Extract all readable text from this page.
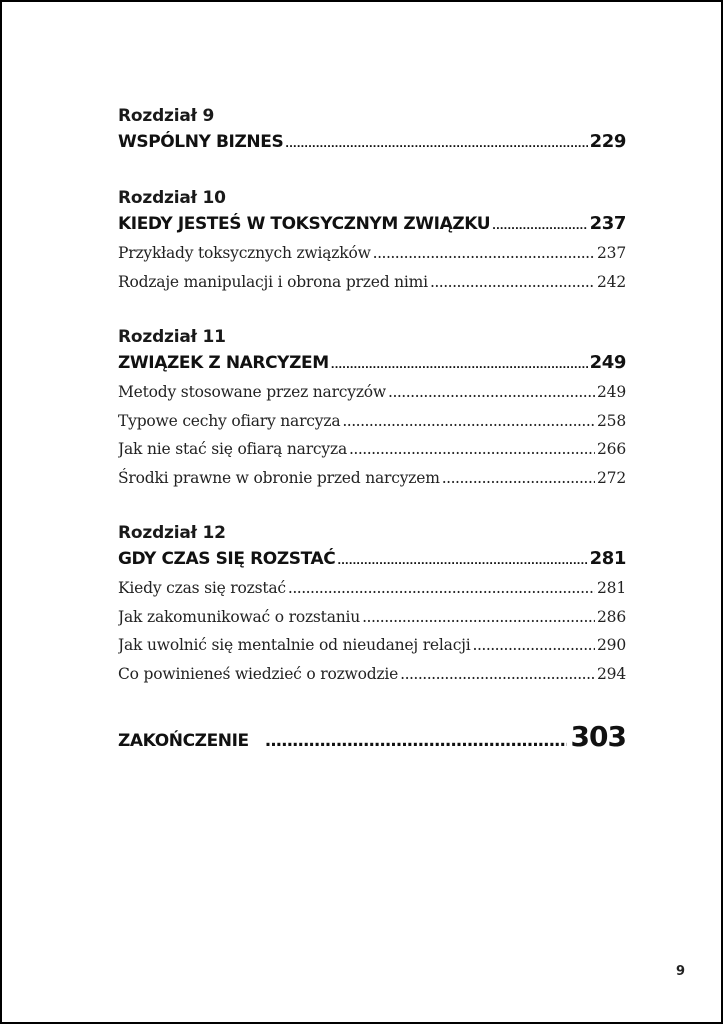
Rozdział 9
WSPÓLNY BIZNES .....	229
Rozdział 10
KIEDY JESTEŚ W TOKSYCZNYM ZWIĄZKU .....	237
Przykłady toksycznych związków .....	237
Rodzaje manipulacji i obrona przed nimi .....	242
Rozdział 11
ZWIĄZEK Z NARCYZEM .....	249
Metody stosowane przez narcyzów .....	249
Typowe cechy ofiary narcyza .....	258
Jak nie stać się ofiarą narcyza .....	266
Środki prawne w obronie przed narcyzem .....	272
Rozdział 12
GDY CZAS SIĘ ROZSTAĆ .....	281
Kiedy czas się rozstać .....	281
Jak zakomunikować o rozstaniu .....	286
Jak uwolnić się mentalnie od nieudanej relacji .....	290
Co powinieneś wiedzieć o rozwodzie .....	294
ZAKOŃCZENIE .....	303
9
